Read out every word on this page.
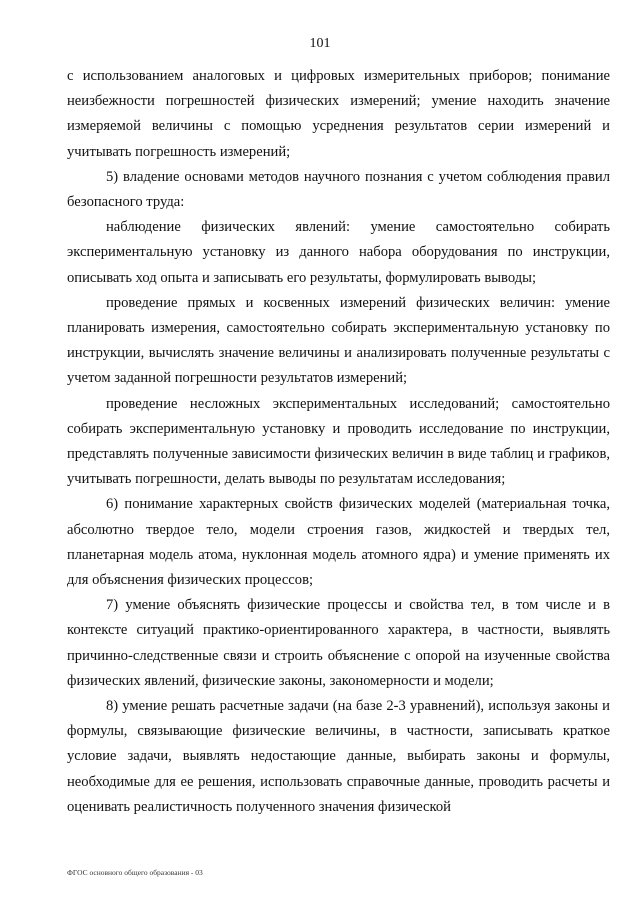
101

с использованием аналоговых и цифровых измерительных приборов; понимание неизбежности погрешностей физических измерений; умение находить значение измеряемой величины с помощью усреднения результатов серии измерений и учитывать погрешность измерений;

5) владение основами методов научного познания с учетом соблюдения правил безопасного труда:

наблюдение физических явлений: умение самостоятельно собирать экспериментальную установку из данного набора оборудования по инструкции, описывать ход опыта и записывать его результаты, формулировать выводы;

проведение прямых и косвенных измерений физических величин: умение планировать измерения, самостоятельно собирать экспериментальную установку по инструкции, вычислять значение величины и анализировать полученные результаты с учетом заданной погрешности результатов измерений;

проведение несложных экспериментальных исследований; самостоятельно собирать экспериментальную установку и проводить исследование по инструкции, представлять полученные зависимости физических величин в виде таблиц и графиков, учитывать погрешности, делать выводы по результатам исследования;

6) понимание характерных свойств физических моделей (материальная точка, абсолютно твердое тело, модели строения газов, жидкостей и твердых тел, планетарная модель атома, нуклонная модель атомного ядра) и умение применять их для объяснения физических процессов;

7) умение объяснять физические процессы и свойства тел, в том числе и в контексте ситуаций практико-ориентированного характера, в частности, выявлять причинно-следственные связи и строить объяснение с опорой на изученные свойства физических явлений, физические законы, закономерности и модели;

8) умение решать расчетные задачи (на базе 2-3 уравнений), используя законы и формулы, связывающие физические величины, в частности, записывать краткое условие задачи, выявлять недостающие данные, выбирать законы и формулы, необходимые для ее решения, использовать справочные данные, проводить расчеты и оценивать реалистичность полученного значения физической

ФГОС основного общего образования - 03
